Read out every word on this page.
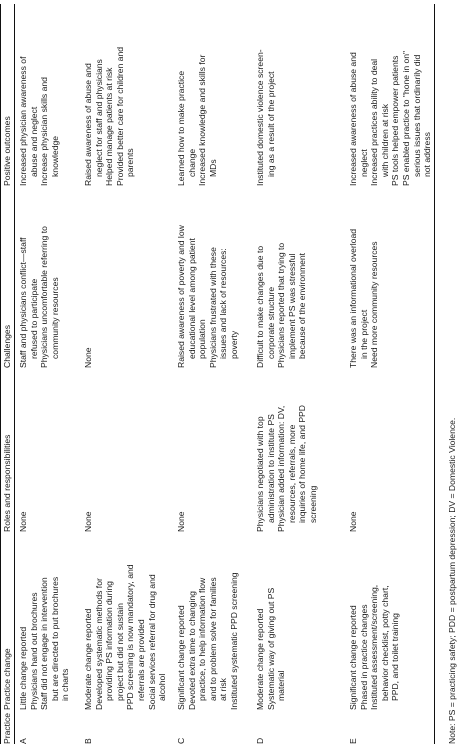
Practice
Practice change
Roles and responsibilities
Challenges
Positive outcomes
A
Little change reported Physicians hand out brochures Staff did not engage in intervention but are directed to put brochures in charts
None
Staff and physicians conflict—staff refused to participate Physicians uncomfortable referring to community resources
Increased physician awareness of abuse and neglect Increase physician skills and knowledge
B
Moderate change reported Developed systematic methods for providing PS information during project but did not sustain PPD screening is now mandatory, and referrals are provided Social services referral for drug and alcohol
None
None
Raised awareness of abuse and neglect for staff and physicians Helped manage patients at risk Provided better care for children and parents
C
Significant change reported Devoted extra time to changing practice, to help information flow and to problem solve for families at risk Instituted systematic PPD screening
None
Raised awareness of poverty and low educational level among patient population Physicians frustrated with these issues and lack of resources: poverty
Learned how to make practice change Increased knowledge and skills for MDs
D
Moderate change reported Systematic way of giving out PS material
Physicians negotiated with top administration to institute PS Physician added information: DV, resources, referrals, more inquiries of home life, and PPD screening
Difficult to make changes due to corporate structure Physicians reported that trying to implement PS was stressful because of the environment
Instituted domestic violence screen- ing as a result of the project
E
Significant change reported Phased in practice changes Instituted assessment/screening, behavior checklist, potty chart, PPD, and toilet training
None
There was an informational overload in the project Need more community resources
Increased awareness of abuse and neglect Increased practices ability to deal with children at risk PS tools helped empower patients PS enabled practice to "hone in on" serious issues that ordinarily did not address
Note: PS = practicing safety; PDD = postpartum depression; DV = Domestic Violence.
